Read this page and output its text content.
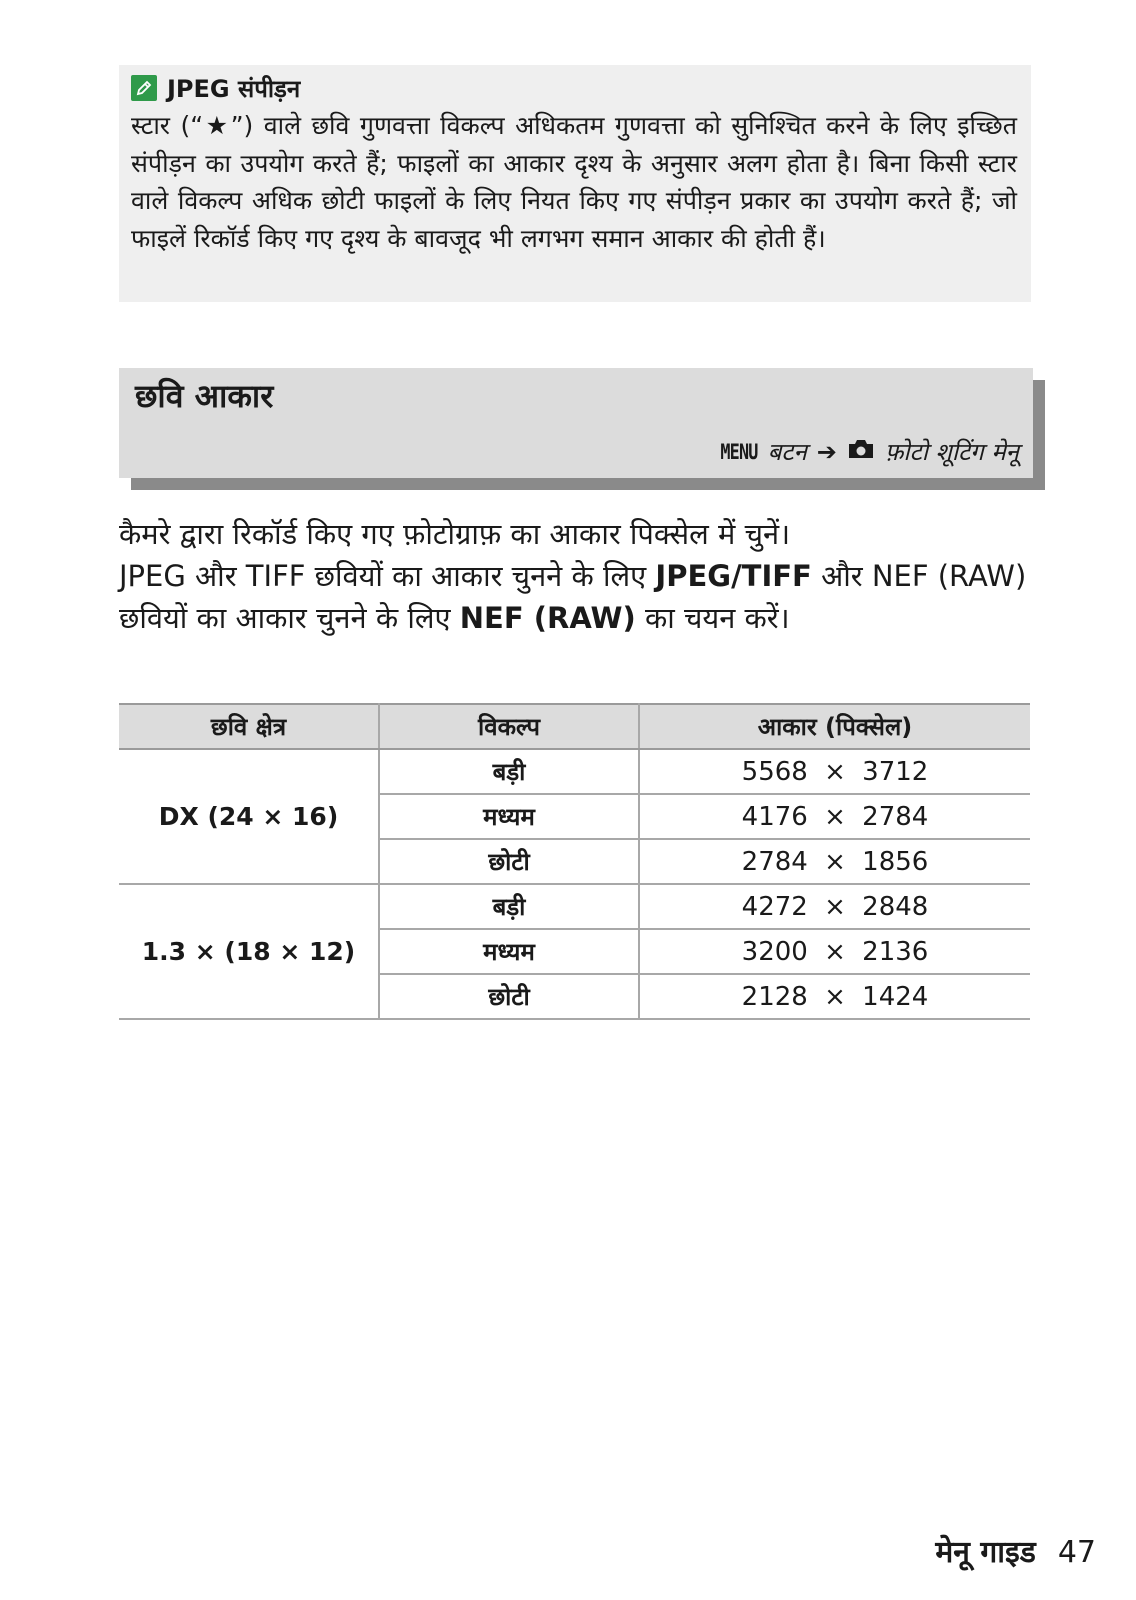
JPEG संपीड़न

स्टार (“★”) वाले छवि गुणवत्ता विकल्प अधिकतम गुणवत्ता को सुनिश्चित करने के लिए इच्छित संपीड़न का उपयोग करते हैं; फाइलों का आकार दृश्य के अनुसार अलग होता है। बिना किसी स्टार वाले विकल्प अधिक छोटी फाइलों के लिए नियत किए गए संपीड़न प्रकार का उपयोग करते हैं; जो फाइलें रिकॉर्ड किए गए दृश्य के बावजूद भी लगभग समान आकार की होती हैं।

छवि आकार
MENU बटन ➔ फ़ोटो शूटिंग मेनू
कैमरे द्वारा रिकॉर्ड किए गए फ़ोटोग्राफ़ का आकार पिक्सेल में चुनें।
JPEG और TIFF छवियों का आकार चुनने के लिए JPEG/TIFF और NEF (RAW) छवियों का आकार चुनने के लिए NEF (RAW) का चयन करें।
छवि क्षेत्र	विकल्प	आकार (पिक्सेल)
DX (24 × 16)	बड़ी	5568 × 3712
	मध्यम	4176 × 2784
	छोटी	2784 × 1856
1.3 × (18 × 12)	बड़ी	4272 × 2848
	मध्यम	3200 × 2136
	छोटी	2128 × 1424
मेनू गाइड 47
